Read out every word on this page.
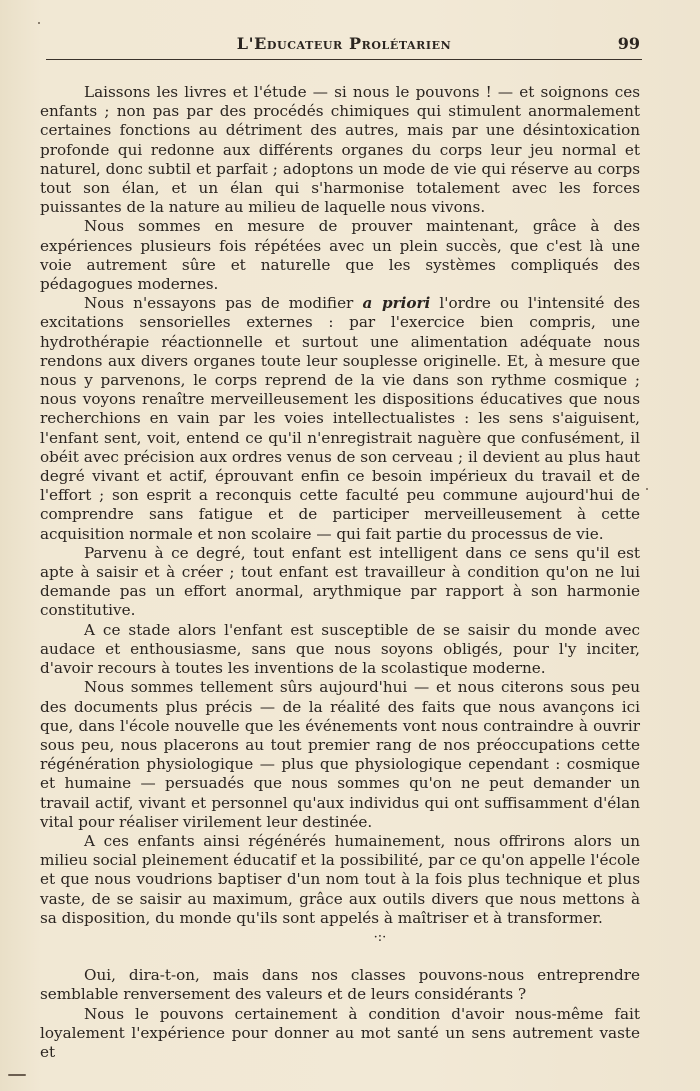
L'Educateur Prolétarien	99

Laissons les livres et l'étude — si nous le pouvons ! — et soignons ces enfants ; non pas par des procédés chimiques qui stimulent anormalement certaines fonctions au détriment des autres, mais par une désintoxication profonde qui redonne aux différents organes du corps leur jeu normal et naturel, donc subtil et parfait ; adoptons un mode de vie qui réserve au corps tout son élan, et un élan qui s'harmonise totalement avec les forces puissantes de la nature au milieu de laquelle nous vivons.

Nous sommes en mesure de prouver maintenant, grâce à des expériences plusieurs fois répétées avec un plein succès, que c'est là une voie autrement sûre et naturelle que les systèmes compliqués des pédagogues modernes.

Nous n'essayons pas de modifier a priori l'ordre ou l'intensité des excitations sensorielles externes : par l'exercice bien compris, une hydrothérapie réactionnelle et surtout une alimentation adéquate nous rendons aux divers organes toute leur souplesse originelle. Et, à mesure que nous y parvenons, le corps reprend de la vie dans son rythme cosmique ; nous voyons renaître merveilleusement les dispositions éducatives que nous recherchions en vain par les voies intellectualistes : les sens s'aiguisent, l'enfant sent, voit, entend ce qu'il n'enregistrait naguère que confusément, il obéit avec précision aux ordres venus de son cerveau ; il devient au plus haut degré vivant et actif, éprouvant enfin ce besoin impérieux du travail et de l'effort ; son esprit a reconquis cette faculté peu commune aujourd'hui de comprendre sans fatigue et de participer merveilleusement à cette acquisition normale et non scolaire — qui fait partie du processus de vie.

Parvenu à ce degré, tout enfant est intelligent dans ce sens qu'il est apte à saisir et à créer ; tout enfant est travailleur à condition qu'on ne lui demande pas un effort anormal, arythmique par rapport à son harmonie constitutive.

A ce stade alors l'enfant est susceptible de se saisir du monde avec audace et enthousiasme, sans que nous soyons obligés, pour l'y inciter, d'avoir recours à toutes les inventions de la scolastique moderne.

Nous sommes tellement sûrs aujourd'hui — et nous citerons sous peu des documents plus précis — de la réalité des faits que nous avançons ici que, dans l'école nouvelle que les événements vont nous contraindre à ouvrir sous peu, nous placerons au tout premier rang de nos préoccupations cette régénération physiologique — plus que physiologique cependant : cosmique et humaine — persuadés que nous sommes qu'on ne peut demander un travail actif, vivant et personnel qu'aux individus qui ont suffisamment d'élan vital pour réaliser virilement leur destinée.

A ces enfants ainsi régénérés humainement, nous offrirons alors un milieu social pleinement éducatif et la possibilité, par ce qu'on appelle l'école et que nous voudrions baptiser d'un nom tout à la fois plus technique et plus vaste, de se saisir au maximum, grâce aux outils divers que nous mettons à sa disposition, du monde qu'ils sont appelés à maîtriser et à transformer.

·:·

Oui, dira-t-on, mais dans nos classes pouvons-nous entreprendre semblable renversement des valeurs et de leurs considérants ?

Nous le pouvons certainement à condition d'avoir nous-même fait loyalement l'expérience pour donner au mot santé un sens autrement vaste et
